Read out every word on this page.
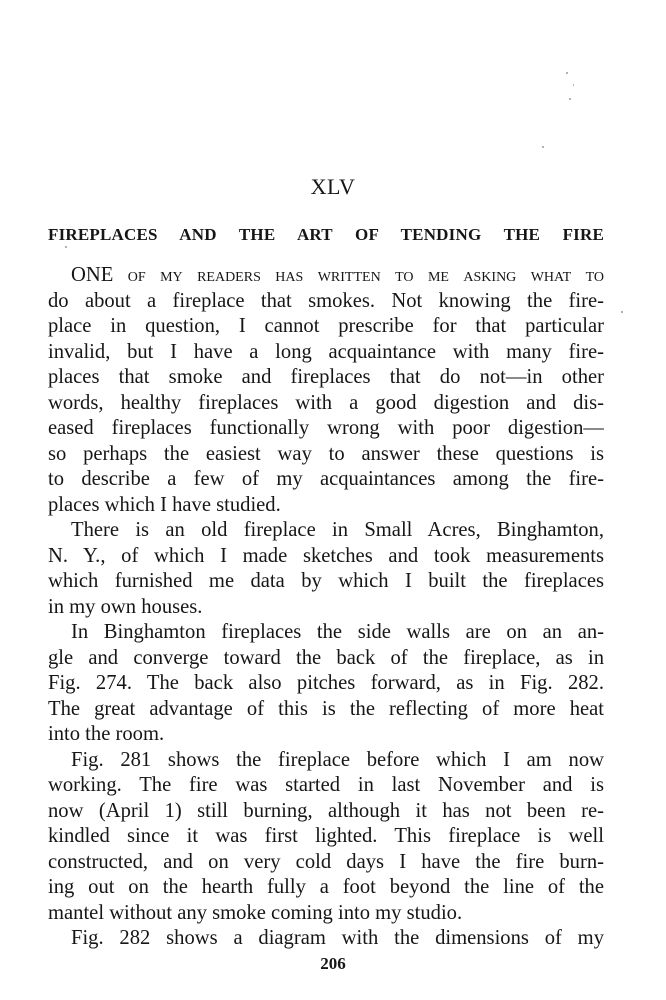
XLV
FIREPLACES AND THE ART OF TENDING THE FIRE
ONE of my readers has written to me asking what to
do about a fireplace that smokes. Not knowing the fire-
place in question, I cannot prescribe for that particular
invalid, but I have a long acquaintance with many fire-
places that smoke and fireplaces that do not—in other
words, healthy fireplaces with a good digestion and dis-
eased fireplaces functionally wrong with poor digestion—
so perhaps the easiest way to answer these questions is
to describe a few of my acquaintances among the fire-
places which I have studied.
There is an old fireplace in Small Acres, Binghamton,
N. Y., of which I made sketches and took measurements
which furnished me data by which I built the fireplaces
in my own houses.
In Binghamton fireplaces the side walls are on an an-
gle and converge toward the back of the fireplace, as in
Fig. 274. The back also pitches forward, as in Fig. 282.
The great advantage of this is the reflecting of more heat
into the room.
Fig. 281 shows the fireplace before which I am now
working. The fire was started in last November and is
now (April 1) still burning, although it has not been re-
kindled since it was first lighted. This fireplace is well
constructed, and on very cold days I have the fire burn-
ing out on the hearth fully a foot beyond the line of the
mantel without any smoke coming into my studio.
Fig. 282 shows a diagram with the dimensions of my
206
